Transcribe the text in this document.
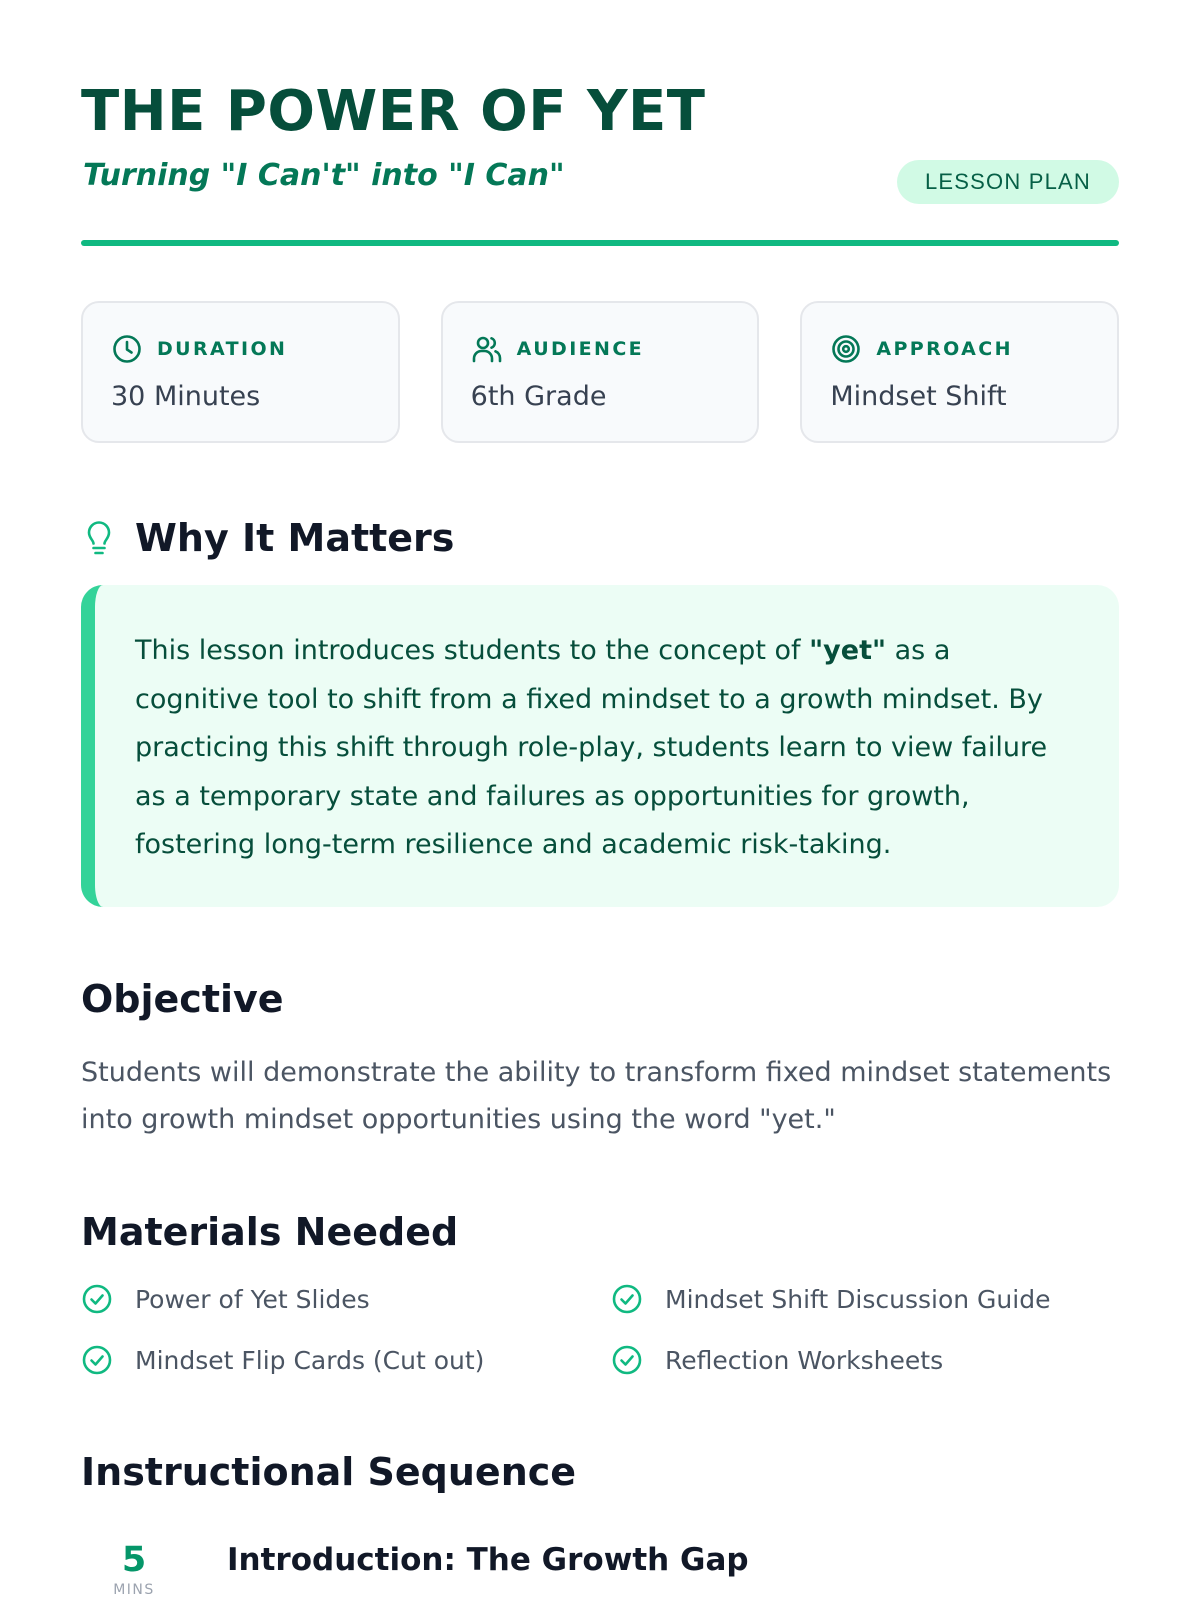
THE POWER OF YET

Turning "I Can't" into "I Can"	LESSON PLAN
DURATION
30 Minutes
AUDIENCE
6th Grade
APPROACH
Mindset Shift
Why It Matters

This lesson introduces students to the concept of "yet" as a cognitive tool to shift from a fixed mindset to a growth mindset. By practicing this shift through role-play, students learn to view failure as a temporary state and failures as opportunities for growth, fostering long-term resilience and academic risk-taking.

Objective

Students will demonstrate the ability to transform fixed mindset statements into growth mindset opportunities using the word "yet."

Materials Needed
Power of Yet Slides	Mindset Shift Discussion Guide
Mindset Flip Cards (Cut out)	Reflection Worksheets
Instructional Sequence
5
MINS
Introduction: The Growth Gap
